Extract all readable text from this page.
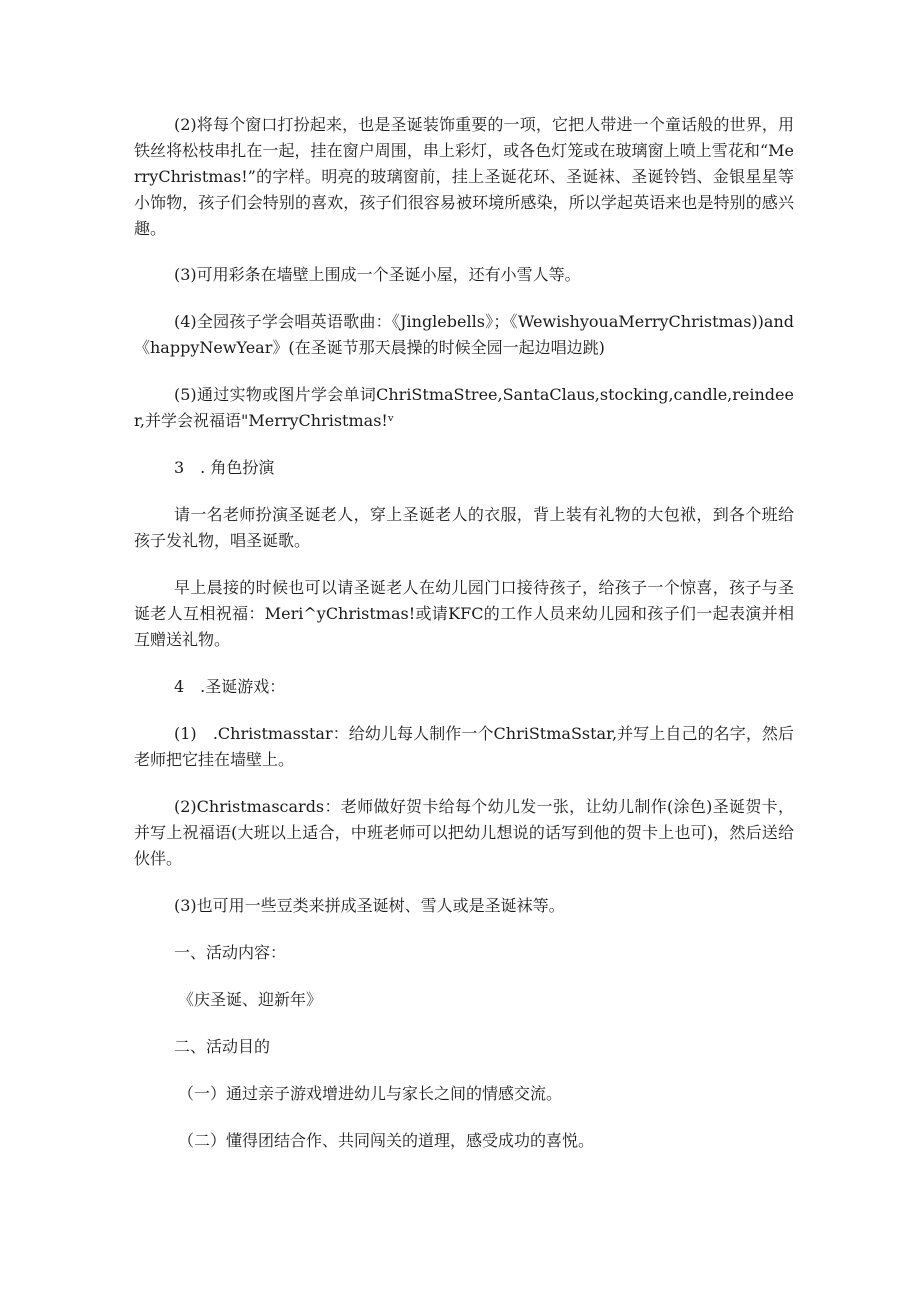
(2)将每个窗口打扮起来，也是圣诞装饰重要的一项，它把人带进一个童话般的世界，用铁丝将松枝串扎在一起，挂在窗户周围，串上彩灯，或各色灯笼或在玻璃窗上喷上雪花和“MerryChristmas!”的字样。明亮的玻璃窗前，挂上圣诞花环、圣诞袜、圣诞铃铛、金银星星等小饰物，孩子们会特别的喜欢，孩子们很容易被环境所感染，所以学起英语来也是特别的感兴趣。

(3)可用彩条在墙壁上围成一个圣诞小屋，还有小雪人等。

(4)全园孩子学会唱英语歌曲：《Jinglebells》；《WewishyouaMerryChristmas))and《happyNewYear》(在圣诞节那天晨操的时候全园一起边唱边跳)

(5)通过实物或图片学会单词ChriStmaStree,SantaClaus,stocking,candle,reindeer,并学会祝福语"MerryChristmas!ᵛ

3　. 角色扮演

请一名老师扮演圣诞老人，穿上圣诞老人的衣服，背上装有礼物的大包袱，到各个班给孩子发礼物，唱圣诞歌。

早上晨接的时候也可以请圣诞老人在幼儿园门口接待孩子，给孩子一个惊喜，孩子与圣诞老人互相祝福：Meri^yChristmas!或请KFC的工作人员来幼儿园和孩子们一起表演并相互赠送礼物。

4　.圣诞游戏：

(1)　.Christmasstar：给幼儿每人制作一个ChriStmaSstar,并写上自己的名字，然后老师把它挂在墙壁上。

(2)Christmascards：老师做好贺卡给每个幼儿发一张，让幼儿制作(涂色)圣诞贺卡，并写上祝福语(大班以上适合，中班老师可以把幼儿想说的话写到他的贺卡上也可)，然后送给伙伴。

(3)也可用一些豆类来拼成圣诞树、雪人或是圣诞袜等。

一、活动内容：

《庆圣诞、迎新年》

二、活动目的

（一）通过亲子游戏增进幼儿与家长之间的情感交流。

（二）懂得团结合作、共同闯关的道理，感受成功的喜悦。
